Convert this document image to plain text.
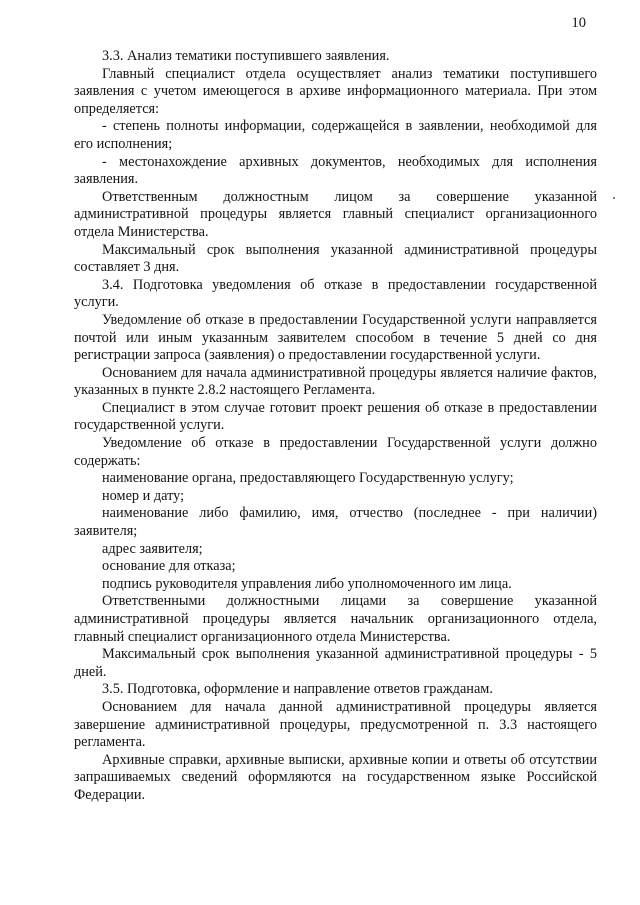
10

3.3. Анализ тематики поступившего заявления.

Главный специалист отдела осуществляет анализ тематики поступившего заявления с учетом имеющегося в архиве информационного материала. При этом определяется:

- степень полноты информации, содержащейся в заявлении, необходимой для его исполнения;

- местонахождение архивных документов, необходимых для исполнения заявления.

Ответственным должностным лицом за совершение указанной административной процедуры является главный специалист организационного отдела Министерства.

Максимальный срок выполнения указанной административной процедуры составляет 3 дня.

3.4. Подготовка уведомления об отказе в предоставлении государственной услуги.

Уведомление об отказе в предоставлении Государственной услуги направляется почтой или иным указанным заявителем способом в течение 5 дней со дня регистрации запроса (заявления) о предоставлении государственной услуги.

Основанием для начала административной процедуры является наличие фактов, указанных в пункте 2.8.2 настоящего Регламента.

Специалист в этом случае готовит проект решения об отказе в предоставлении государственной услуги.

Уведомление об отказе в предоставлении Государственной услуги должно содержать:

наименование органа, предоставляющего Государственную услугу;

номер и дату;

наименование либо фамилию, имя, отчество (последнее - при наличии) заявителя;

адрес заявителя;

основание для отказа;

подпись руководителя управления либо уполномоченного им лица.

Ответственными должностными лицами за совершение указанной административной процедуры является начальник организационного отдела, главный специалист организационного отдела Министерства.

Максимальный срок выполнения указанной административной процедуры - 5 дней.

3.5. Подготовка, оформление и направление ответов гражданам.

Основанием для начала данной административной процедуры является завершение административной процедуры, предусмотренной п. 3.3 настоящего регламента.

Архивные справки, архивные выписки, архивные копии и ответы об отсутствии запрашиваемых сведений оформляются на государственном языке Российской Федерации.
